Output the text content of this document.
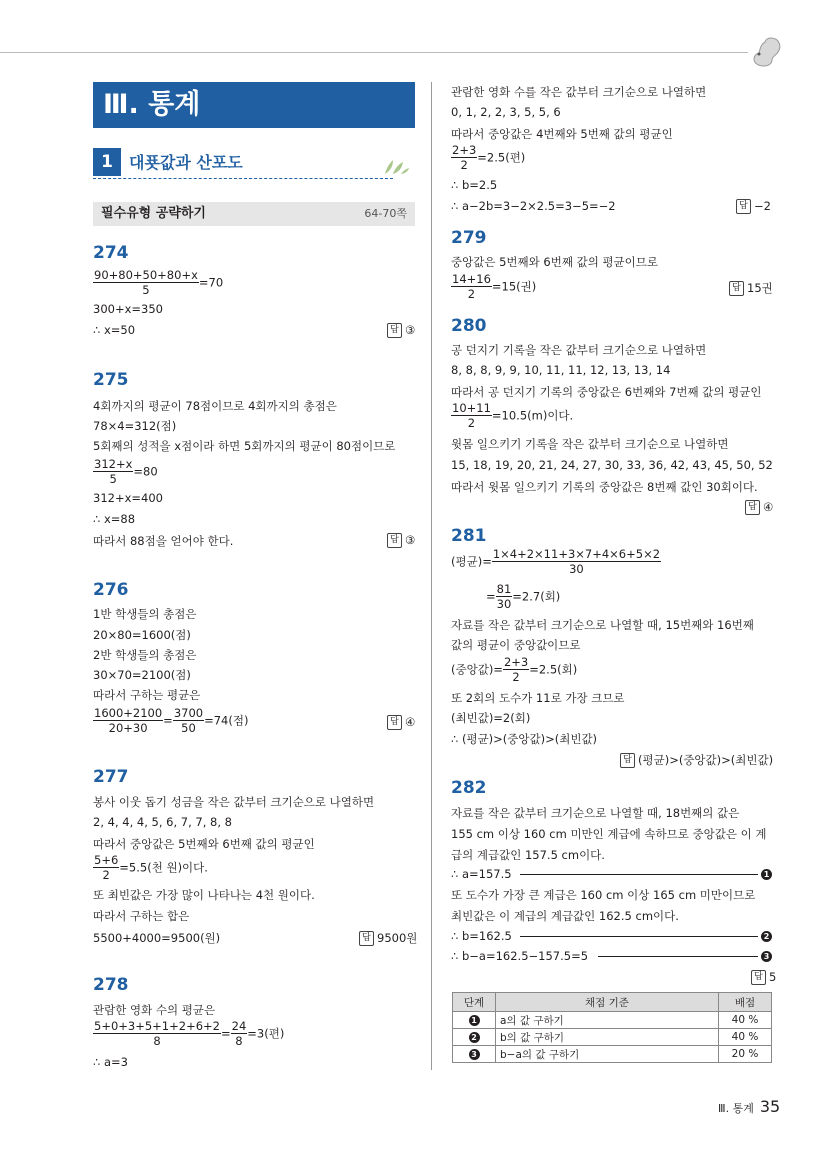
Ⅲ. 통계
1	대푯값과 산포도
필수유형 공략하기	64-70쪽
274
$\frac{90+80+50+80+x}{5} =70$
300+x=350
∴ x=50	답 ③
275
4회까지의 평균이 78점이므로 4회까지의 총점은
78×4=312(점)
5회째의 성적을 x점이라 하면 5회까지의 평균이 80점이므로
$\frac{312+x}{5} =80$
312+x=400
∴ x=88
따라서 88점을 얻어야 한다.	답 ③
276
1반 학생들의 총점은
20×80=1600(점)
2반 학생들의 총점은
30×70=2100(점)
따라서 구하는 평균은
$\frac{1600+2100}{20+30} = \frac{3700}{50} =74$(점)	답 ④
277
봉사 이웃 돕기 성금을 작은 값부터 크기순으로 나열하면
2, 4, 4, 4, 5, 6, 7, 7, 8, 8
따라서 중앙값은 5번째와 6번째 값의 평균인
$\frac{5+6}{2} =5.5$(천 원)이다.
또 최빈값은 가장 많이 나타나는 4천 원이다.
따라서 구하는 합은
5500+4000=9500(원)	답 9500원
278
관람한 영화 수의 평균은
$\frac{5+0+3+5+1+2+6+2}{8} = \frac{24}{8} =3$(편)
∴ a=3
관람한 영화 수를 작은 값부터 크기순으로 나열하면
0, 1, 2, 2, 3, 5, 5, 6
따라서 중앙값은 4번째와 5번째 값의 평균인
$\frac{2+3}{2} =2.5$(편)
∴ b=2.5
∴ a−2b=3−2×2.5=3−5=−2	답 −2
279
중앙값은 5번째와 6번째 값의 평균이므로
$\frac{14+16}{2} =15$(권)	답 15권
280
공 던지기 기록을 작은 값부터 크기순으로 나열하면
8, 8, 8, 9, 9, 10, 11, 11, 12, 13, 13, 14
따라서 공 던지기 기록의 중앙값은 6번째와 7번째 값의 평균인
$\frac{10+11}{2} =10.5(m)$이다.
윗몸 일으키기 기록을 작은 값부터 크기순으로 나열하면
15, 18, 19, 20, 21, 24, 27, 30, 33, 36, 42, 43, 45, 50, 52
따라서 윗몸 일으키기 기록의 중앙값은 8번째 값인 30회이다.
답 ④
281
(평균)= $\frac{1\times 4+2\times 11+3\times 7+4\times 6+5\times 2}{30}$
= $\frac{81}{30} =2.7$(회)
자료를 작은 값부터 크기순으로 나열할 때, 15번째와 16번째
값의 평균이 중앙값이므로
(중앙값)= $\frac{2+3}{2} =2.5$(회)
또 2회의 도수가 11로 가장 크므로
(최빈값)=2(회)
∴ (평균)>(중앙값)>(최빈값)
답 (평균)>(중앙값)>(최빈값)
282
자료를 작은 값부터 크기순으로 나열할 때, 18번째의 값은
155 cm 이상 160 cm 미만인 계급에 속하므로 중앙값은 이 계
급의 계급값인 157.5 cm이다.
∴ a=157.5	1
또 도수가 가장 큰 계급은 160 cm 이상 165 cm 미만이므로
최빈값은 이 계급의 계급값인 162.5 cm이다.
∴ b=162.5	2
∴ b−a=162.5−157.5=5	3
답 5
단계	채점 기준	배점
1	a의 값 구하기	40 %
2	b의 값 구하기	40 %
3	b−a의 값 구하기	20 %
Ⅲ. 통계 35
